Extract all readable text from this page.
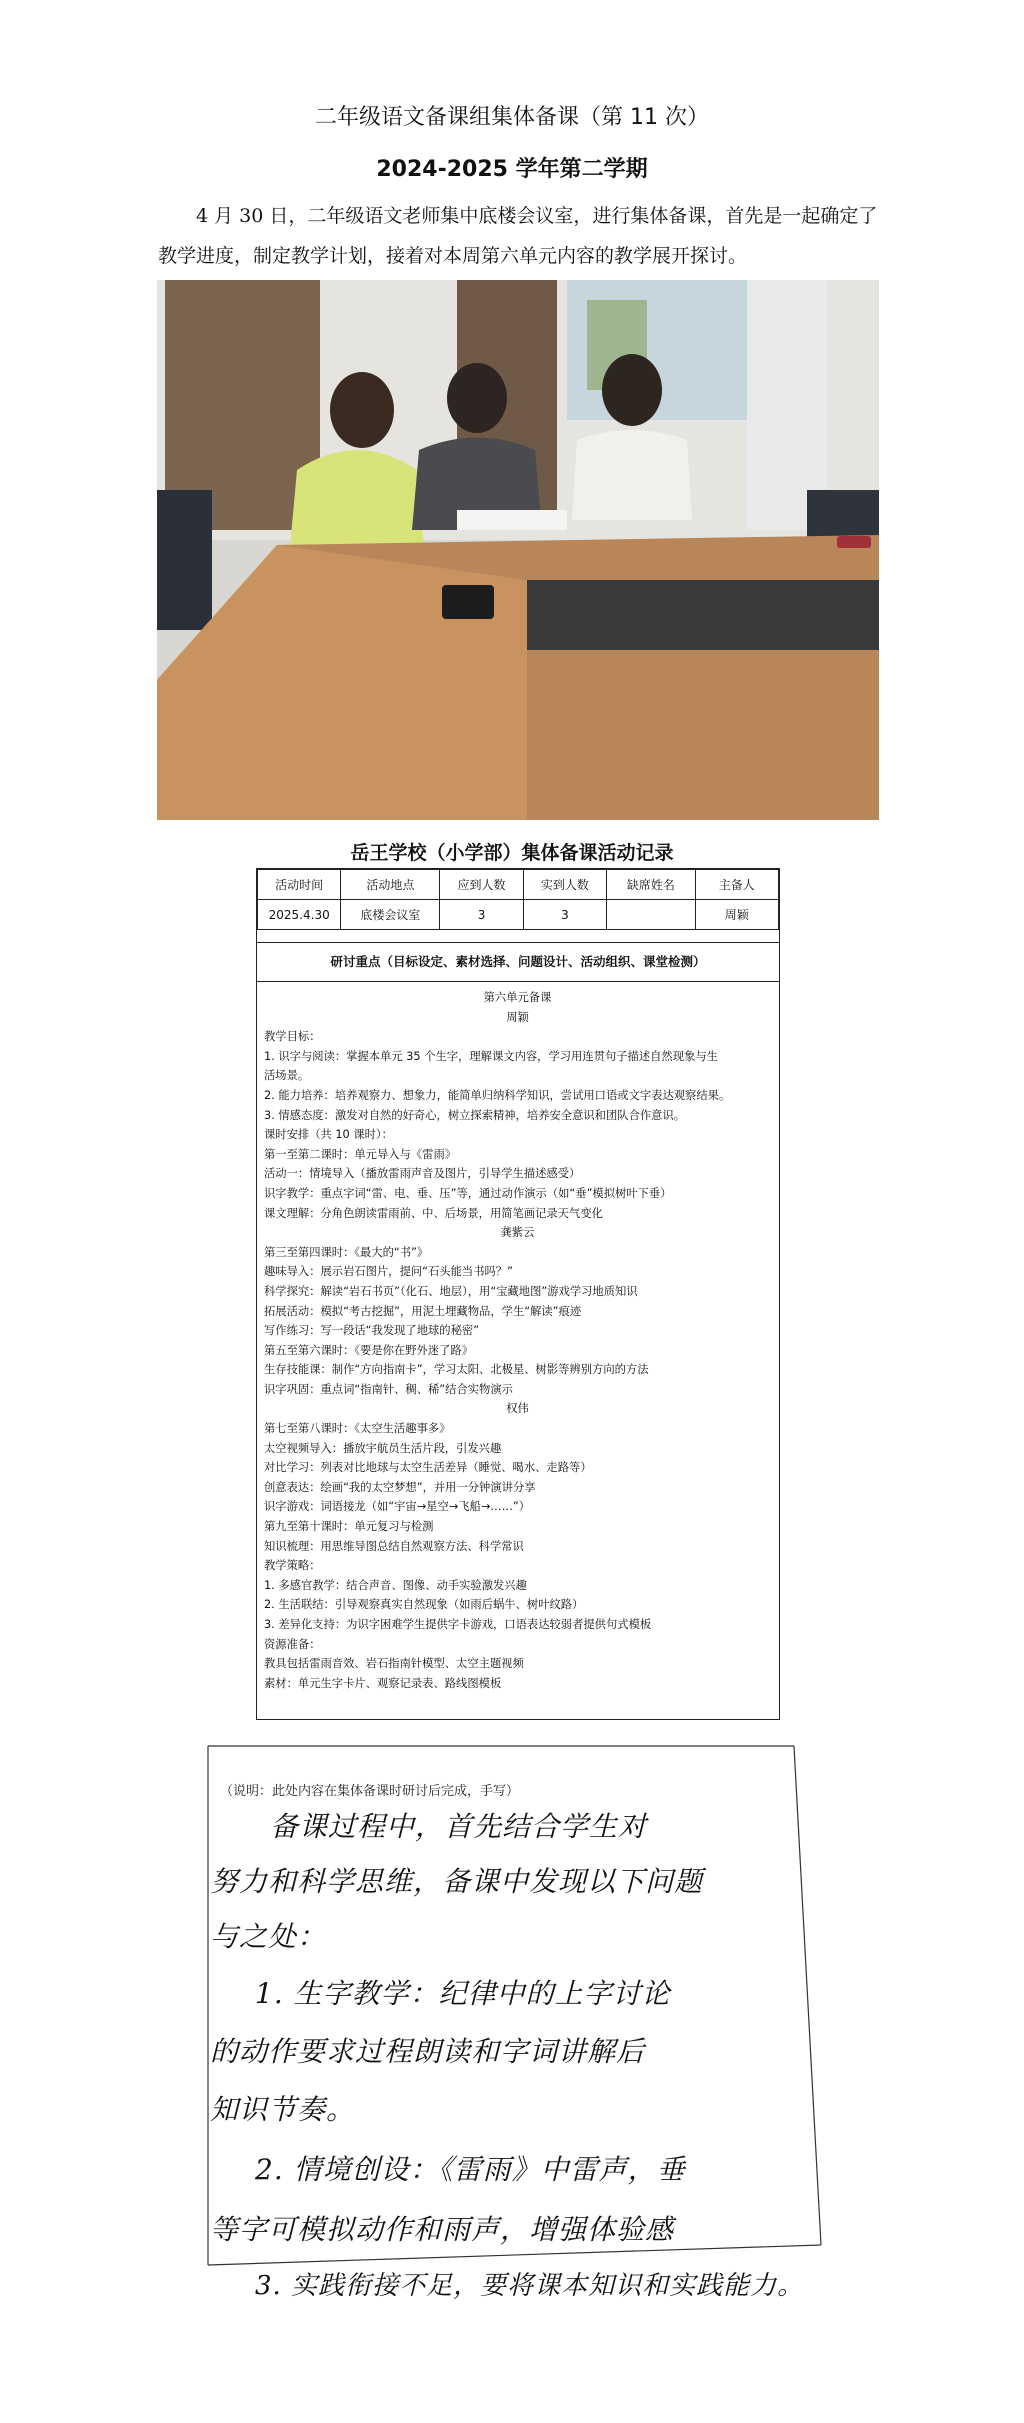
二年级语文备课组集体备课（第 11 次）
2024-2025 学年第二学期

4 月 30 日，二年级语文老师集中底楼会议室，进行集体备课，首先是一起确定了教学进度，制定教学计划，接着对本周第六单元内容的教学展开探讨。

岳王学校（小学部）集体备课活动记录
活动时间	活动地点	应到人数	实到人数	缺席姓名	主备人
2025.4.30	底楼会议室	3	3		周颖
研讨重点（目标设定、素材选择、问题设计、活动组织、课堂检测）
第六单元备课
周颖
教学目标：
1. 识字与阅读：掌握本单元 35 个生字，理解课文内容，学习用连贯句子描述自然现象与生
活场景。
2. 能力培养：培养观察力、想象力，能简单归纳科学知识，尝试用口语或文字表达观察结果。
3. 情感态度：激发对自然的好奇心，树立探索精神，培养安全意识和团队合作意识。
课时安排（共 10 课时）：
第一至第二课时：单元导入与《雷雨》
活动一：情境导入（播放雷雨声音及图片，引导学生描述感受）
识字教学：重点字词“雷、电、垂、压”等，通过动作演示（如“垂”模拟树叶下垂）
课文理解：分角色朗读雷雨前、中、后场景，用简笔画记录天气变化
龚紫云
第三至第四课时：《最大的“书”》
趣味导入：展示岩石图片，提问“石头能当书吗？”
科学探究：解读“岩石书页”（化石、地层），用“宝藏地图”游戏学习地质知识
拓展活动：模拟“考古挖掘”，用泥土埋藏物品，学生“解读”痕迹
写作练习：写一段话“我发现了地球的秘密”
第五至第六课时：《要是你在野外迷了路》
生存技能课：制作“方向指南卡”，学习太阳、北极星、树影等辨别方向的方法
识字巩固：重点词“指南针、稠、稀”结合实物演示
权伟
第七至第八课时：《太空生活趣事多》
太空视频导入：播放宇航员生活片段，引发兴趣
对比学习：列表对比地球与太空生活差异（睡觉、喝水、走路等）
创意表达：绘画“我的太空梦想”，并用一分钟演讲分享
识字游戏：词语接龙（如“宇宙→星空→飞船→……”）
第九至第十课时：单元复习与检测
知识梳理：用思维导图总结自然观察方法、科学常识
教学策略：
1. 多感官教学：结合声音、图像、动手实验激发兴趣
2. 生活联结：引导观察真实自然现象（如雨后蜗牛、树叶纹路）
3. 差异化支持：为识字困难学生提供字卡游戏，口语表达较弱者提供句式模板
资源准备：
教具包括雷雨音效、岩石指南针模型、太空主题视频
素材：单元生字卡片、观察记录表、路线图模板
（说明：此处内容在集体备课时研讨后完成，手写）
备课过程中，首先结合学生对
努力和科学思维，备课中发现以下问题
与之处：
1. 生字教学：纪律中的上字讨论
的动作要求过程朗读和字词讲解后
知识节奏。
2. 情境创设：《雷雨》中雷声，垂
等字可模拟动作和雨声，增强体验感
3. 实践衔接不足，要将课本知识和实践能力。
